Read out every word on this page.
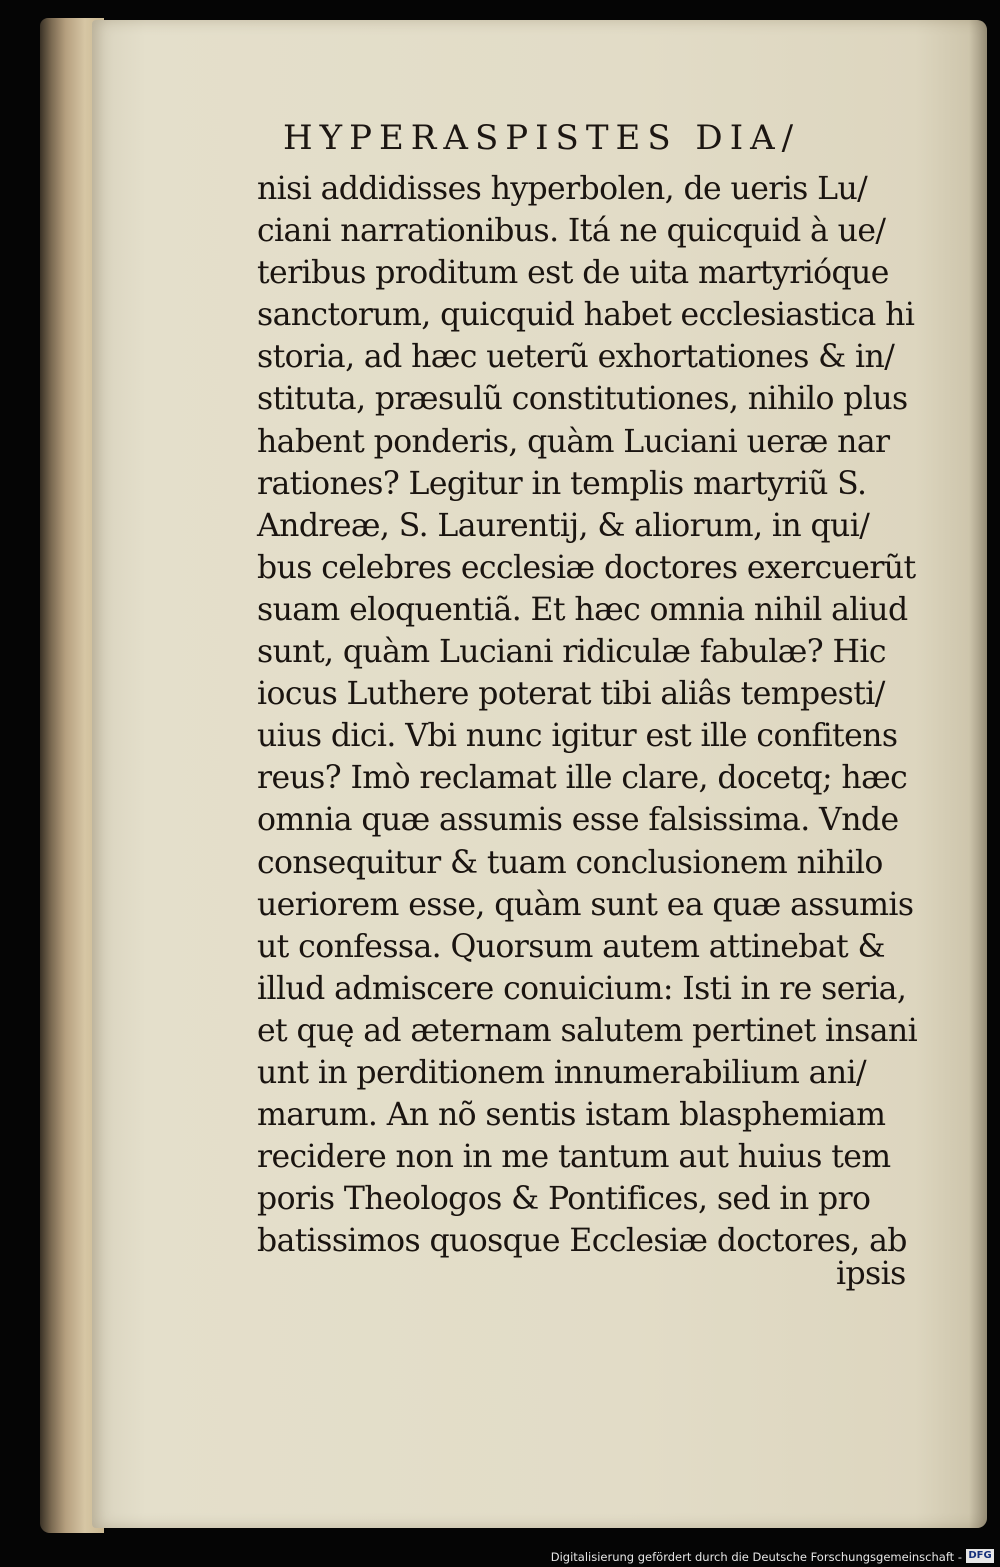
HYPERASPISTES DIA/
nisi addidisses hyperbolen, de ueris Lu/
ciani narrationibus. Itá ne quicquid à ue/
teribus proditum est de uita martyrióque
sanctorum, quicquid habet ecclesiastica hi
storia, ad hæc ueterũ exhortationes & in/
stituta, præsulũ constitutiones, nihilo plus
habent ponderis, quàm Luciani ueræ nar
rationes? Legitur in templis martyriũ S.
Andreæ, S. Laurentij, & aliorum, in qui/
bus celebres ecclesiæ doctores exercuerũt
suam eloquentiã. Et hæc omnia nihil aliud
sunt, quàm Luciani ridiculæ fabulæ? Hic
iocus Luthere poterat tibi aliâs tempesti/
uius dici. Vbi nunc igitur est ille confitens
reus? Imò reclamat ille clare, docetq; hæc
omnia quæ assumis esse falsissima. Vnde
consequitur & tuam conclusionem nihilo
ueriorem esse, quàm sunt ea quæ assumis
ut confessa. Quorsum autem attinebat &
illud admiscere conuicium: Isti in re seria,
et quę ad æternam salutem pertinet insani
unt in perditionem innumerabilium ani/
marum. An nõ sentis istam blasphemiam
recidere non in me tantum aut huius tem
poris Theologos & Pontifices, sed in pro
batissimos quosque Ecclesiæ doctores, ab
ipsis
Digitalisierung gefördert durch die Deutsche Forschungsgemeinschaft - DFG
